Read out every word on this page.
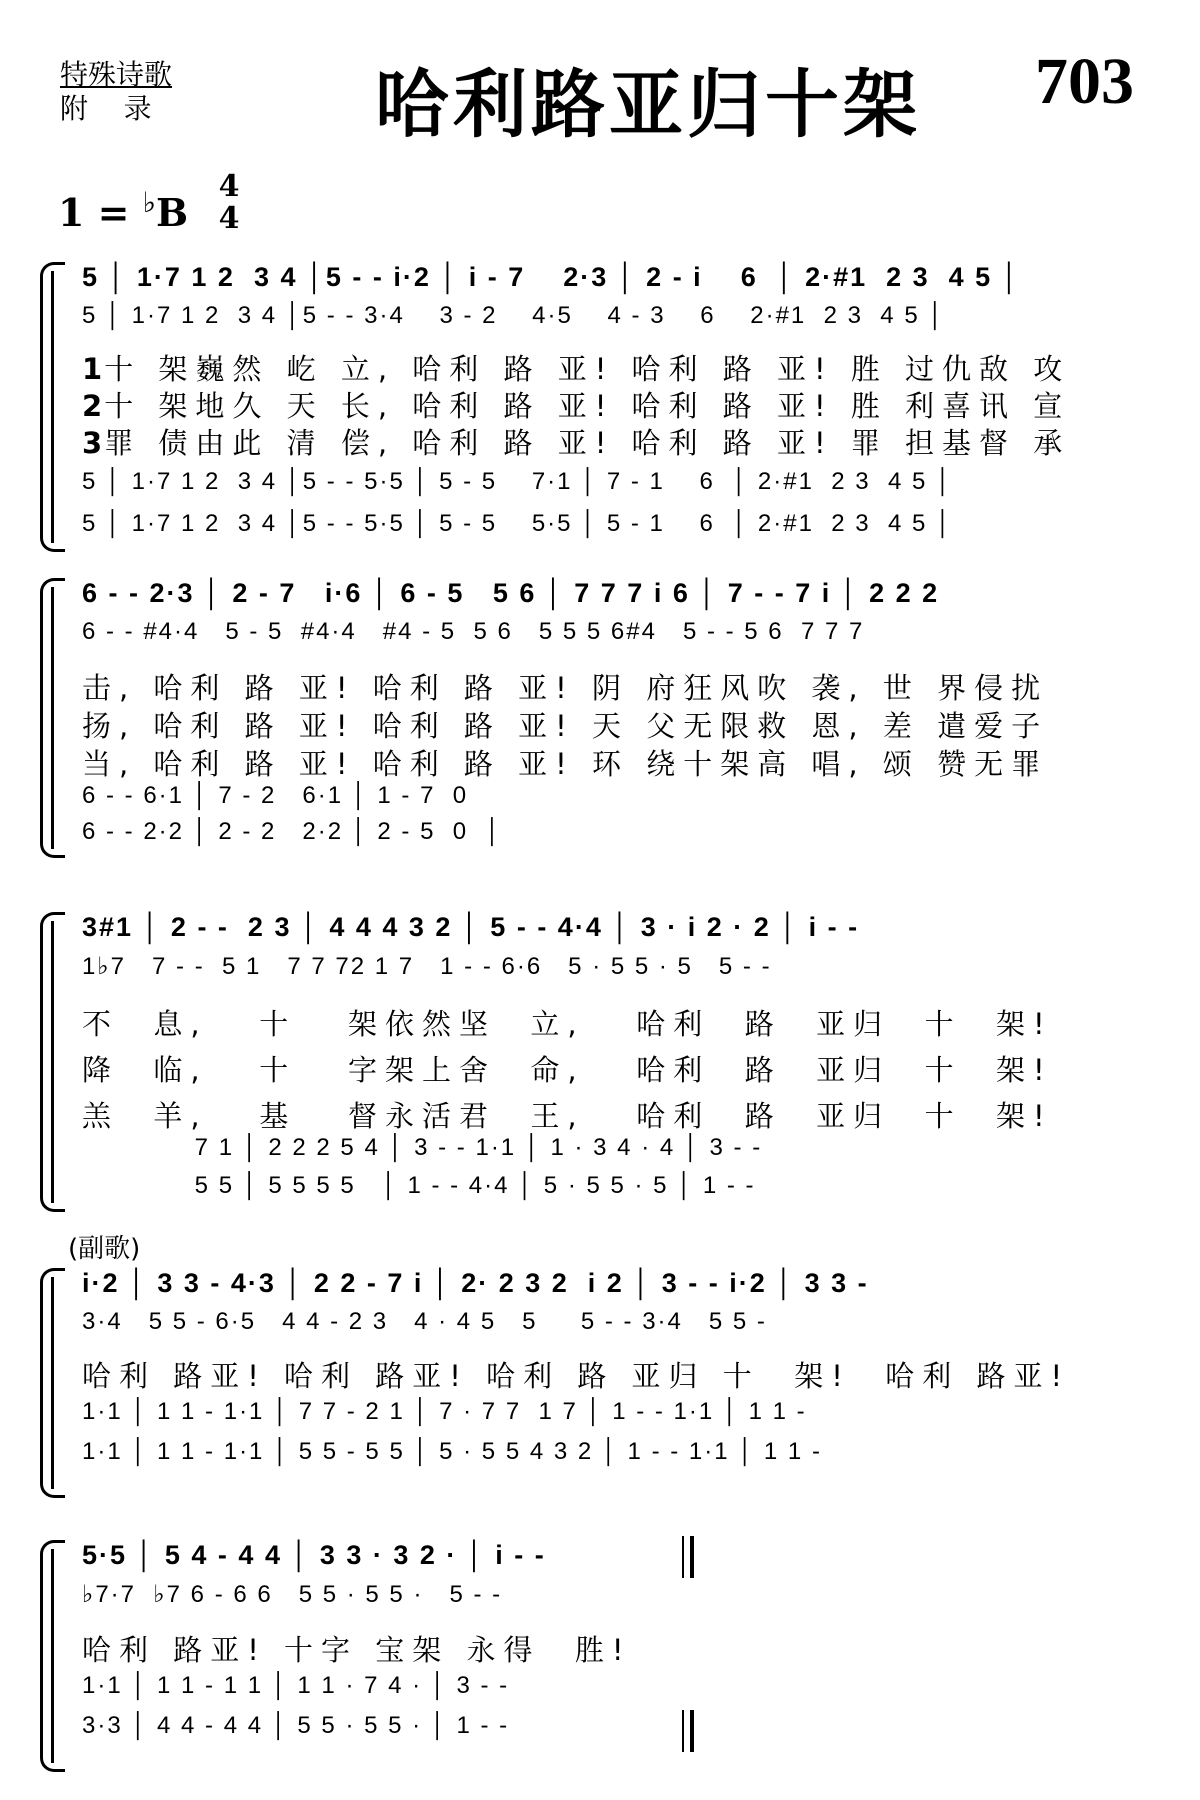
特殊诗歌
附    录	哈利路亚归十架 703
1 = ♭B
4
4
5 │ 1·7 1 2  3 4 │5 - - i·2 │ i - 7    2·3 │ 2 - i    6  │ 2·#1  2 3  4 5 │
5 │ 1·7 1 2  3 4 │5 - - 3·4    3 - 2    4·5    4 - 3    6    2·#1  2 3  4 5 │
1十 架巍然 屹 立, 哈利 路 亚! 哈利 路 亚! 胜 过仇敌 攻
2十 架地久 天 长, 哈利 路 亚! 哈利 路 亚! 胜 利喜讯 宣
3罪 债由此 清 偿, 哈利 路 亚! 哈利 路 亚! 罪 担基督 承
5 │ 1·7 1 2  3 4 │5 - - 5·5 │ 5 - 5    7·1 │ 7 - 1    6  │ 2·#1  2 3  4 5 │
5 │ 1·7 1 2  3 4 │5 - - 5·5 │ 5 - 5    5·5 │ 5 - 1    6  │ 2·#1  2 3  4 5 │
6 - - 2·3 │ 2 - 7   i·6 │ 6 - 5   5 6 │ 7 7 7 i 6 │ 7 - - 7 i │ 2 2 2
6 - - #4·4   5 - 5  #4·4   #4 - 5  5 6   5 5 5 6#4   5 - - 5 6  7 7 7
击, 哈利 路 亚! 哈利 路 亚! 阴 府狂风吹 袭, 世 界侵扰
扬, 哈利 路 亚! 哈利 路 亚! 天 父无限救 恩, 差 遣爱子
当, 哈利 路 亚! 哈利 路 亚! 环 绕十架高 唱, 颂 赞无罪
6 - - 6·1 │ 7 - 2   6·1 │ 1 - 7  0
6 - - 2·2 │ 2 - 2   2·2 │ 2 - 5  0  │
3#1 │ 2 - -  2 3 │ 4 4 4 3 2 │ 5 - - 4·4 │ 3 · i 2 · 2 │ i - -
1♭7   7 - -  5 1   7 7 72 1 7   1 - - 6·6   5 · 5 5 · 5   5 - -
不  息,   十   架依然坚  立,   哈利  路  亚归  十  架!
降  临,   十   字架上舍  命,   哈利  路  亚归  十  架!
羔  羊,   基   督永活君  王,   哈利  路  亚归  十  架!
7 1 │ 2 2 2 5 4 │ 3 - - 1·1 │ 1 · 3 4 · 4 │ 3 - -
5 5 │ 5 5 5 5   │ 1 - - 4·4 │ 5 · 5 5 · 5 │ 1 - -
(副歌)
i·2 │ 3 3 - 4·3 │ 2 2 - 7 i │ 2· 2 3 2  i 2 │ 3 - - i·2 │ 3 3 -
3·4   5 5 - 6·5   4 4 - 2 3   4 · 4 5   5     5 - - 3·4   5 5 -
哈利 路亚! 哈利 路亚! 哈利 路 亚归 十  架!  哈利 路亚!
1·1 │ 1 1 - 1·1 │ 7 7 - 2 1 │ 7 · 7 7  1 7 │ 1 - - 1·1 │ 1 1 -
1·1 │ 1 1 - 1·1 │ 5 5 - 5 5 │ 5 · 5 5 4 3 2 │ 1 - - 1·1 │ 1 1 -
5·5 │ 5 4 - 4 4 │ 3 3 · 3 2 · │ i - -
♭7·7  ♭7 6 - 6 6   5 5 · 5 5 ·   5 - -
哈利 路亚! 十字 宝架 永得  胜!
1·1 │ 1 1 - 1 1 │ 1 1 · 7 4 · │ 3 - -
3·3 │ 4 4 - 4 4 │ 5 5 · 5 5 · │ 1 - -
